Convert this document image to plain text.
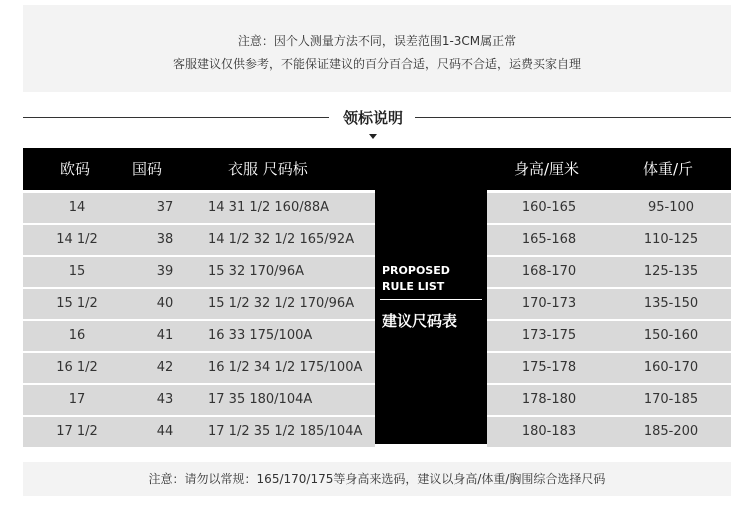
注意：因个人测量方法不同，误差范围1-3CM属正常
客服建议仅供参考，不能保证建议的百分百合适，尺码不合适，运费买家自理
领标说明
欧码	国码	衣服 尺码标	身高/厘米	体重/斤
14	37	14 31 1/2 160/88A	160-165	95-100
14 1/2	38	14 1/2 32 1/2 165/92A	165-168	110-125
15	39	15 32 170/96A	168-170	125-135
15 1/2	40	15 1/2 32 1/2 170/96A	170-173	135-150
16	41	16 33 175/100A	173-175	150-160
16 1/2	42	16 1/2 34 1/2 175/100A	175-178	160-170
17	43	17 35 180/104A	178-180	170-185
17 1/2	44	17 1/2 35 1/2 185/104A	180-183	185-200
PROPOSED
RULE LIST
建议尺码表
注意：请勿以常规：165/170/175等身高来选码，建议以身高/体重/胸围综合选择尺码
